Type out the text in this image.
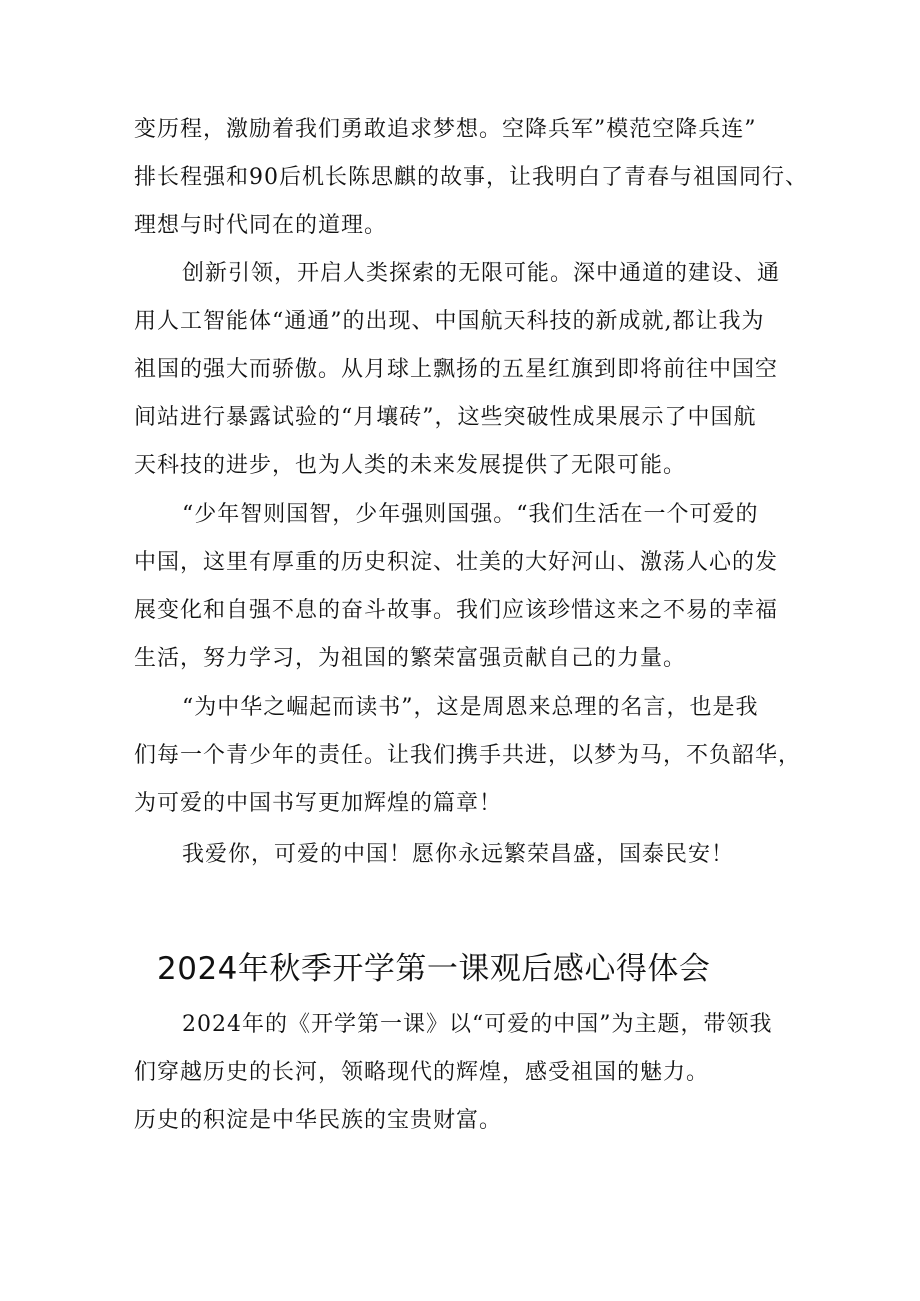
变历程，激励着我们勇敢追求梦想。空降兵军”模范空降兵连”
排长程强和90后机长陈思麒的故事，让我明白了青春与祖国同行、
理想与时代同在的道理。
创新引领，开启人类探索的无限可能。深中通道的建设、通
用人工智能体“通通”的出现、中国航天科技的新成就,都让我为
祖国的强大而骄傲。从月球上飘扬的五星红旗到即将前往中国空
间站进行暴露试验的“月壤砖”，这些突破性成果展示了中国航
天科技的进步，也为人类的未来发展提供了无限可能。
“少年智则国智，少年强则国强。“我们生活在一个可爱的
中国，这里有厚重的历史积淀、壮美的大好河山、激荡人心的发
展变化和自强不息的奋斗故事。我们应该珍惜这来之不易的幸福
生活，努力学习，为祖国的繁荣富强贡献自己的力量。
“为中华之崛起而读书”，这是周恩来总理的名言，也是我
们每一个青少年的责任。让我们携手共进，以梦为马，不负韶华，
为可爱的中国书写更加辉煌的篇章！
我爱你，可爱的中国！愿你永远繁荣昌盛，国泰民安！
2024年秋季开学第一课观后感心得体会
2024年的《开学第一课》以“可爱的中国”为主题，带领我
们穿越历史的长河，领略现代的辉煌，感受祖国的魅力。
历史的积淀是中华民族的宝贵财富。
